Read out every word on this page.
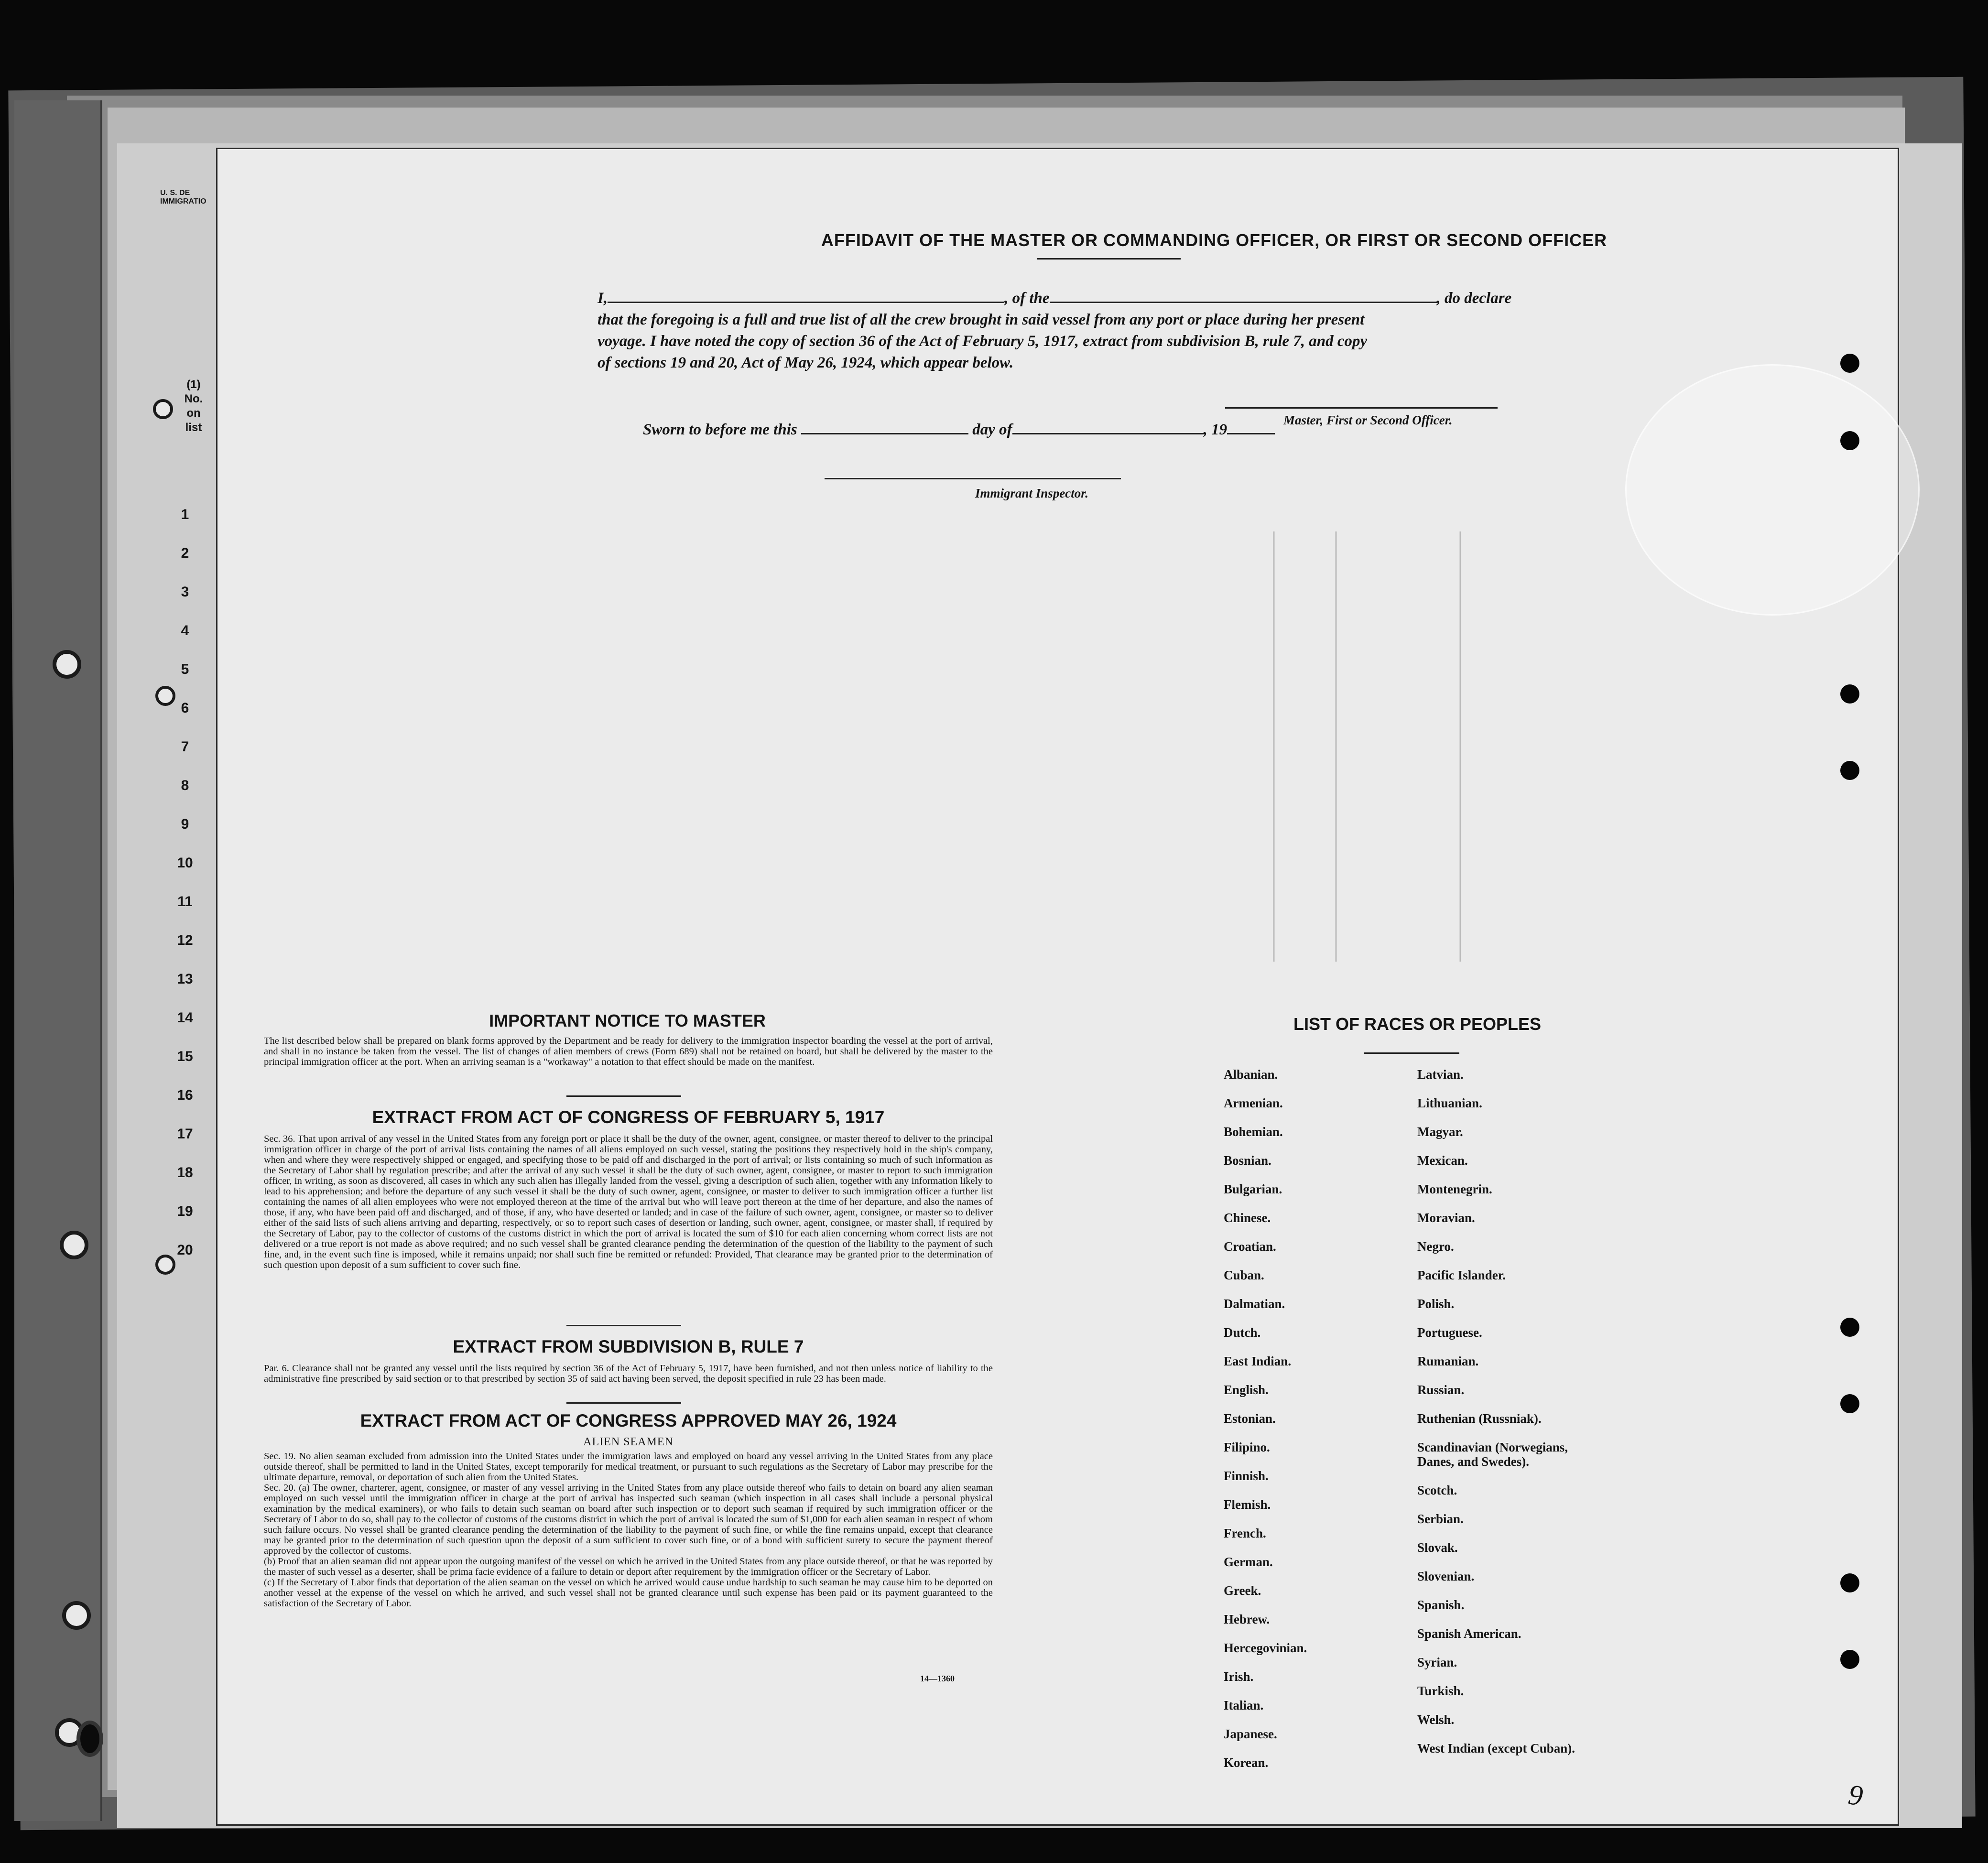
U. S. DE
IMMIGRATIO
(1)
No.
on
list
1
2
3
4
5
6
7
8
9
10
11
12
13
14
15
16
17
18
19
20
AFFIDAVIT OF THE MASTER OR COMMANDING OFFICER, OR FIRST OR SECOND OFFICER
I,	, of the	, do declare
that the foregoing is a full and true list of all the crew brought in said vessel from any port or place during her present
voyage. I have noted the copy of section 36 of the Act of February 5, 1917, extract from subdivision B, rule 7, and copy
of sections 19 and 20, Act of May 26, 1924, which appear below.
Master, First or Second Officer.
Sworn to before me this	day of	, 19
Immigrant Inspector.
IMPORTANT NOTICE TO MASTER
The list described below shall be prepared on blank forms approved by the Department and be ready for delivery to the immigration inspector boarding the vessel at the port of arrival, and shall in no instance be taken from the vessel. The list of changes of alien members of crews (Form 689) shall not be retained on board, but shall be delivered by the master to the principal immigration officer at the port. When an arriving seaman is a "workaway" a notation to that effect should be made on the manifest.
EXTRACT FROM ACT OF CONGRESS OF FEBRUARY 5, 1917
Sec. 36. That upon arrival of any vessel in the United States from any foreign port or place it shall be the duty of the owner, agent, consignee, or master thereof to deliver to the principal immigration officer in charge of the port of arrival lists containing the names of all aliens employed on such vessel, stating the positions they respectively hold in the ship's company, when and where they were respectively shipped or engaged, and specifying those to be paid off and discharged in the port of arrival; or lists containing so much of such information as the Secretary of Labor shall by regulation prescribe; and after the arrival of any such vessel it shall be the duty of such owner, agent, consignee, or master to report to such immigration officer, in writing, as soon as discovered, all cases in which any such alien has illegally landed from the vessel, giving a description of such alien, together with any information likely to lead to his apprehension; and before the departure of any such vessel it shall be the duty of such owner, agent, consignee, or master to deliver to such immigration officer a further list containing the names of all alien employees who were not employed thereon at the time of the arrival but who will leave port thereon at the time of her departure, and also the names of those, if any, who have been paid off and discharged, and of those, if any, who have deserted or landed; and in case of the failure of such owner, agent, consignee, or master so to deliver either of the said lists of such aliens arriving and departing, respectively, or so to report such cases of desertion or landing, such owner, agent, consignee, or master shall, if required by the Secretary of Labor, pay to the collector of customs of the customs district in which the port of arrival is located the sum of $10 for each alien concerning whom correct lists are not delivered or a true report is not made as above required; and no such vessel shall be granted clearance pending the determination of the question of the liability to the payment of such fine, and, in the event such fine is imposed, while it remains unpaid; nor shall such fine be remitted or refunded: Provided, That clearance may be granted prior to the determination of such question upon deposit of a sum sufficient to cover such fine.
EXTRACT FROM SUBDIVISION B, RULE 7
Par. 6. Clearance shall not be granted any vessel until the lists required by section 36 of the Act of February 5, 1917, have been furnished, and not then unless notice of liability to the administrative fine prescribed by said section or to that prescribed by section 35 of said act having been served, the deposit specified in rule 23 has been made.
EXTRACT FROM ACT OF CONGRESS APPROVED MAY 26, 1924
ALIEN SEAMEN
Sec. 19. No alien seaman excluded from admission into the United States under the immigration laws and employed on board any vessel arriving in the United States from any place outside thereof, shall be permitted to land in the United States, except temporarily for medical treatment, or pursuant to such regulations as the Secretary of Labor may prescribe for the ultimate departure, removal, or deportation of such alien from the United States.
Sec. 20. (a) The owner, charterer, agent, consignee, or master of any vessel arriving in the United States from any place outside thereof who fails to detain on board any alien seaman employed on such vessel until the immigration officer in charge at the port of arrival has inspected such seaman (which inspection in all cases shall include a personal physical examination by the medical examiners), or who fails to detain such seaman on board after such inspection or to deport such seaman if required by such immigration officer or the Secretary of Labor to do so, shall pay to the collector of customs of the customs district in which the port of arrival is located the sum of $1,000 for each alien seaman in respect of whom such failure occurs. No vessel shall be granted clearance pending the determination of the liability to the payment of such fine, or while the fine remains unpaid, except that clearance may be granted prior to the determination of such question upon the deposit of a sum sufficient to cover such fine, or of a bond with sufficient surety to secure the payment thereof approved by the collector of customs.
(b) Proof that an alien seaman did not appear upon the outgoing manifest of the vessel on which he arrived in the United States from any place outside thereof, or that he was reported by the master of such vessel as a deserter, shall be prima facie evidence of a failure to detain or deport after requirement by the immigration officer or the Secretary of Labor.
(c) If the Secretary of Labor finds that deportation of the alien seaman on the vessel on which he arrived would cause undue hardship to such seaman he may cause him to be deported on another vessel at the expense of the vessel on which he arrived, and such vessel shall not be granted clearance until such expense has been paid or its payment guaranteed to the satisfaction of the Secretary of Labor.
14—1360
LIST OF RACES OR PEOPLES
Albanian.
Armenian.
Bohemian.
Bosnian.
Bulgarian.
Chinese.
Croatian.
Cuban.
Dalmatian.
Dutch.
East Indian.
English.
Estonian.
Filipino.
Finnish.
Flemish.
French.
German.
Greek.
Hebrew.
Hercegovinian.
Irish.
Italian.
Japanese.
Korean.
Latvian.
Lithuanian.
Magyar.
Mexican.
Montenegrin.
Moravian.
Negro.
Pacific Islander.
Polish.
Portuguese.
Rumanian.
Russian.
Ruthenian (Russniak).
Scandinavian (Norwegians,
Danes, and Swedes).
Scotch.
Serbian.
Slovak.
Slovenian.
Spanish.
Spanish American.
Syrian.
Turkish.
Welsh.
West Indian (except Cuban).
9
